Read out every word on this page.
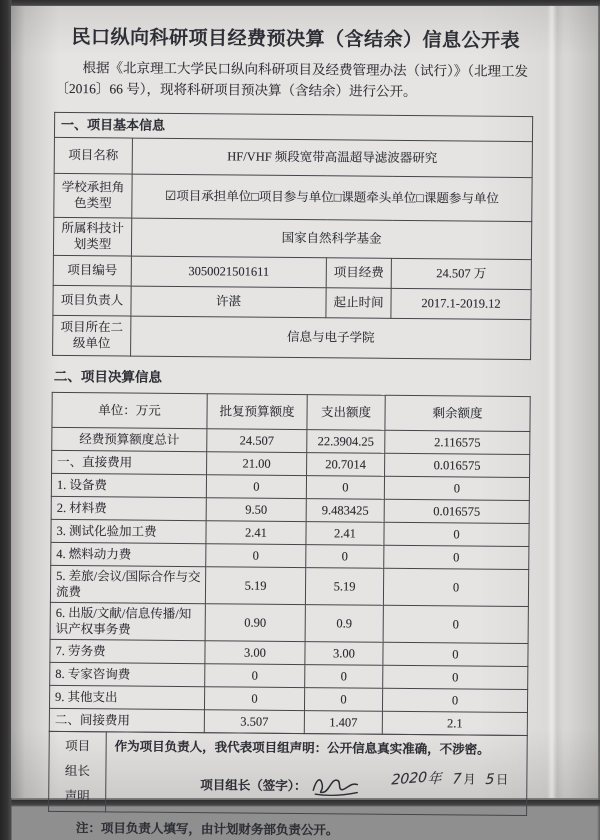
民口纵向科研项目经费预决算（含结余）信息公开表

根据《北京理工大学民口纵向科研项目及经费管理办法（试行）》（北理工发〔2016〕66 号），现将科研项目预决算（含结余）进行公开。

一、项目基本信息			
项目名称	HF/VHF 频段宽带高温超导滤波器研究		
学校承担角色类型	☑项目承担单位□项目参与单位□课题牵头单位□课题参与单位		
所属科技计划类型	国家自然科学基金		
项目编号	3050021501611	项目经费	24.507 万
项目负责人	许湛	起止时间	2017.1-2019.12
项目所在二级单位	信息与电子学院		
二、项目决算信息
单位：万元	批复预算额度	支出额度	剩余额度
经费预算额度总计	24.507	22.3904.25	2.116575
一、直接费用	21.00	20.7014	0.016575
1. 设备费	0	0	0
2. 材料费	9.50	9.483425	0.016575
3. 测试化验加工费	2.41	2.41	0
4. 燃料动力费	0	0	0
5. 差旅/会议/国际合作与交流费	5.19	5.19	0
6. 出版/文献/信息传播/知识产权事务费	0.90	0.9	0
7. 劳务费	3.00	3.00	0
8. 专家咨询费	0	0	0
9. 其他支出	0	0	0
二、间接费用	3.507	1.407	2.1
项目
组长
声明

作为项目负责人，我代表项目组声明：公开信息真实准确，不涉密。
项目组长（签字）：	2020年 7月 5日
注：项目负责人填写，由计划财务部负责公开。
